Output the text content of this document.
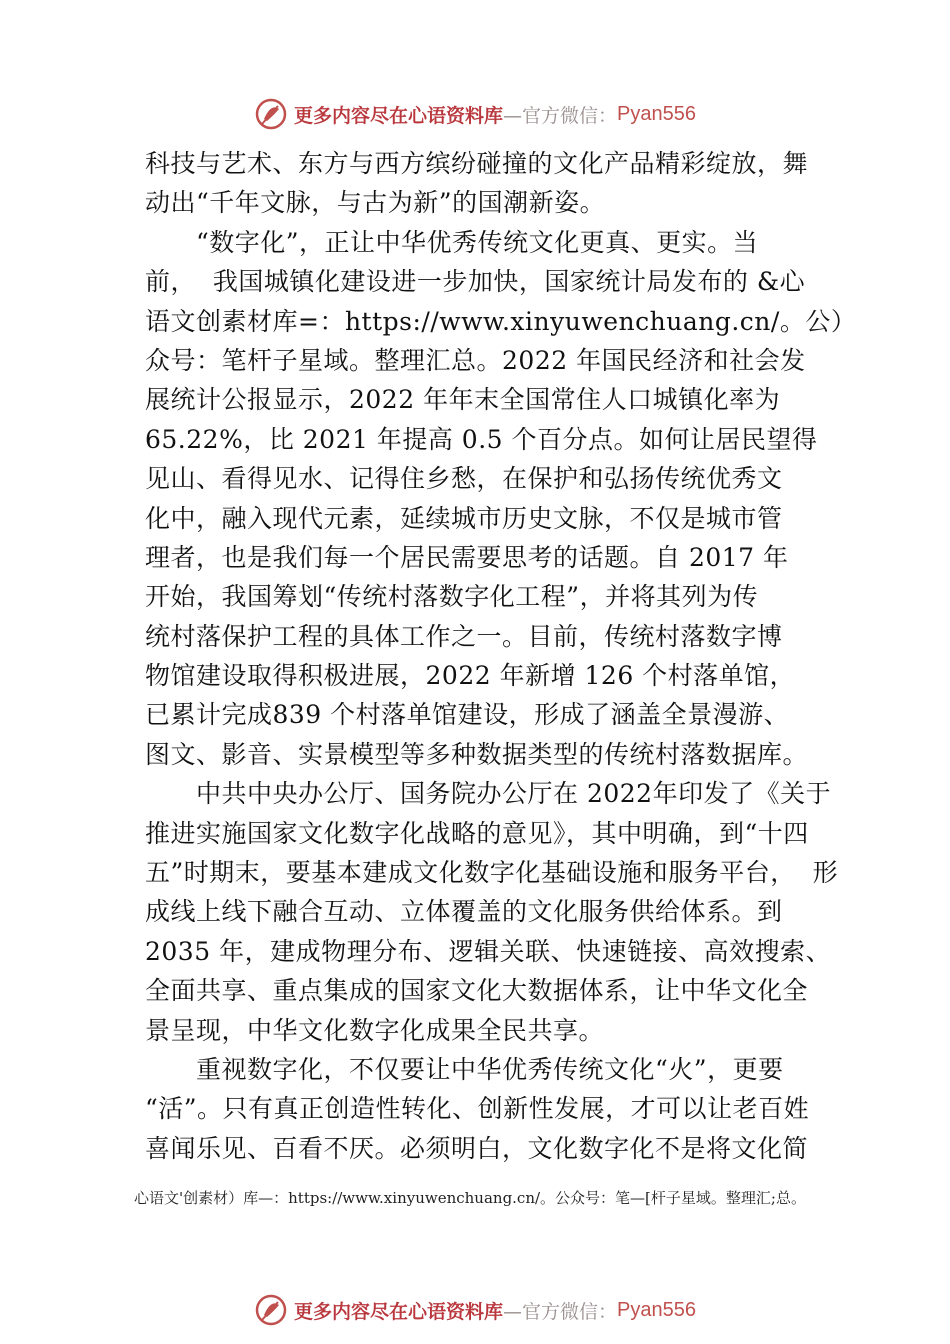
更多内容尽在心语资料库 —官方微信： Pyan556
科技与艺术、东方与西方缤纷碰撞的文化产品精彩绽放，舞
动出“千年文脉，与古为新”的国潮新姿。
“数字化”，正让中华优秀传统文化更真、更实。当
前，  我国城镇化建设进一步加快，国家统计局发布的 &心
语文创素材库=：https://www.xinyuwenchuang.cn/。公）
众号：笔杆子星域。整理汇总。2022 年国民经济和社会发
展统计公报显示，2022 年年末全国常住人口城镇化率为
65.22%，比 2021 年提高 0.5 个百分点。如何让居民望得
见山、看得见水、记得住乡愁，在保护和弘扬传统优秀文
化中，融入现代元素，延续城市历史文脉，不仅是城市管
理者，也是我们每一个居民需要思考的话题。自 2017 年
开始，我国筹划“传统村落数字化工程”，并将其列为传
统村落保护工程的具体工作之一。目前，传统村落数字博
物馆建设取得积极进展，2022 年新增 126 个村落单馆，
已累计完成839 个村落单馆建设，形成了涵盖全景漫游、
图文、影音、实景模型等多种数据类型的传统村落数据库。
中共中央办公厅、国务院办公厅在 2022年印发了《关于
推进实施国家文化数字化战略的意见》，其中明确，到“十四
五”时期末，要基本建成文化数字化基础设施和服务平台，  形
成线上线下融合互动、立体覆盖的文化服务供给体系。到
2035 年，建成物理分布、逻辑关联、快速链接、高效搜索、
全面共享、重点集成的国家文化大数据体系，让中华文化全
景呈现，中华文化数字化成果全民共享。
重视数字化，不仅要让中华优秀传统文化“火”，更要
“活”。只有真正创造性转化、创新性发展，才可以让老百姓
喜闻乐见、百看不厌。必须明白，文化数字化不是将文化简
心语文'创素材）库—：https://www.xinyuwenchuang.cn/。公众号：笔—[杆子星域。整理汇;总。
更多内容尽在心语资料库 —官方微信： Pyan556
